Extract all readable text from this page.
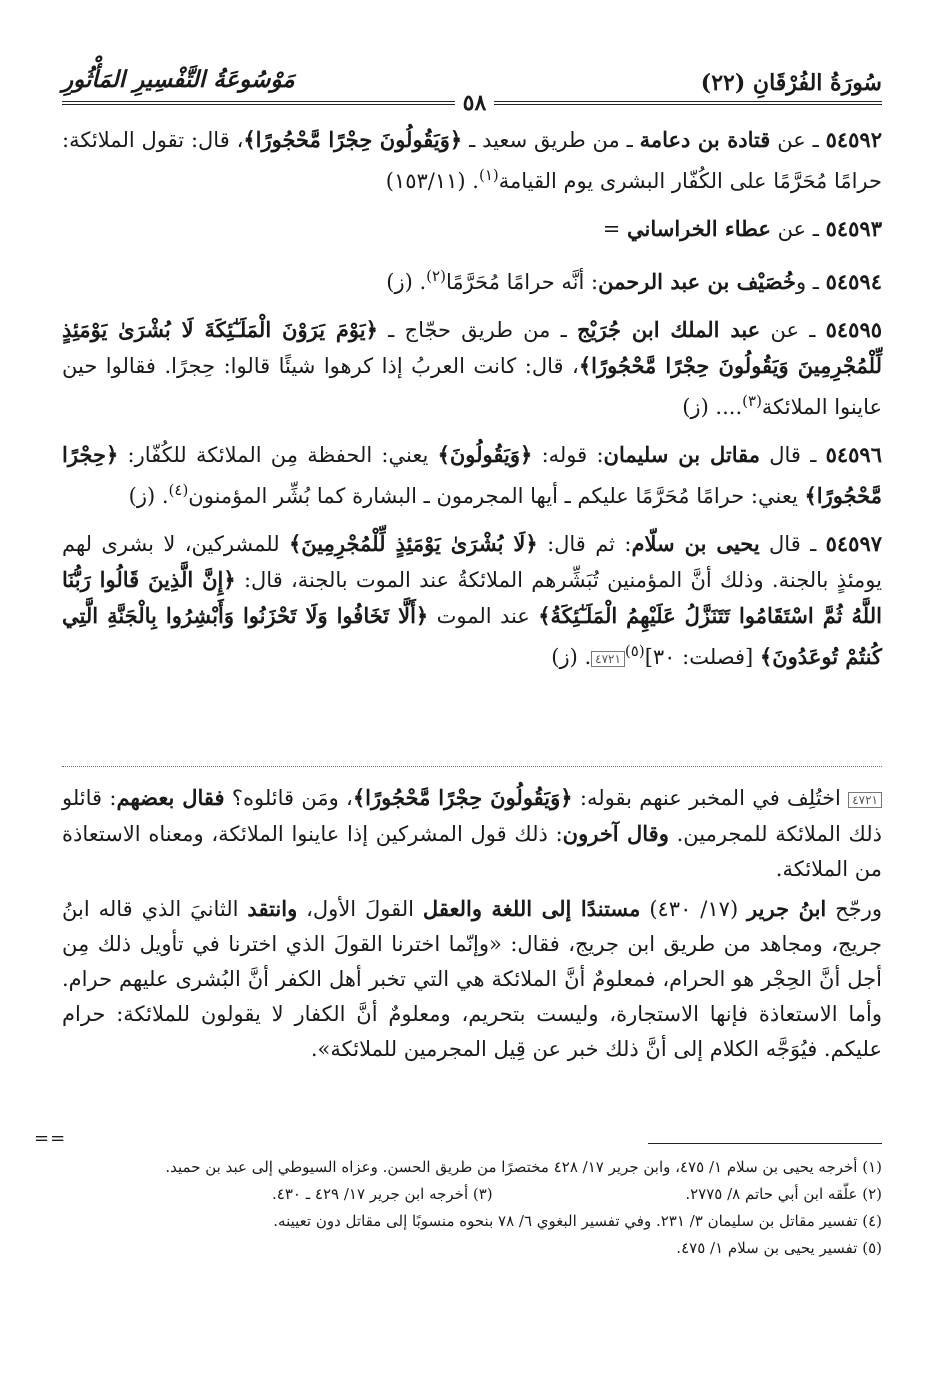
سُورَةُ الفُرْقَانِ (٢٢)
مَوْسُوعَةُ التَّفْسِيرِ المَأْثُورِ
٥٨

٥٤٥٩٢ ـ عن قتادة بن دعامة ـ من طريق سعيد ـ ﴿وَيَقُولُونَ حِجْرًا مَّحْجُورًا﴾، قال: تقول الملائكة: حرامًا مُحَرَّمًا على الكُفّار البشرى يوم القيامة$^{(١)}$. (١٥٣/١١)

٥٤٥٩٣ ـ عن عطاء الخراساني =

٥٤٥٩٤ ـ وخُصَيْف بن عبد الرحمن: أنَّه حرامًا مُحَرَّمًا$^{(٢)}$. (ز)

٥٤٥٩٥ ـ عن عبد الملك ابن جُرَيْج ـ من طريق حجّاج ـ ﴿يَوْمَ يَرَوْنَ الْمَلَـٰٓئِكَةَ لَا بُشْرَىٰ يَوْمَئِذٍ لِّلْمُجْرِمِينَ وَيَقُولُونَ حِجْرًا مَّحْجُورًا﴾، قال: كانت العربُ إذا كرهوا شيئًا قالوا: حِجرًا. فقالوا حين عاينوا الملائكة$^{(٣)}$.... (ز)

٥٤٥٩٦ ـ قال مقاتل بن سليمان: قوله: ﴿وَيَقُولُونَ﴾ يعني: الحفظة مِن الملائكة للكُفّار: ﴿حِجْرًا مَّحْجُورًا﴾ يعني: حرامًا مُحَرَّمًا عليكم ـ أيها المجرمون ـ البشارة كما بُشِّر المؤمنون$^{(٤)}$. (ز)

٥٤٥٩٧ ـ قال يحيى بن سلّام: ثم قال: ﴿لَا بُشْرَىٰ يَوْمَئِذٍ لِّلْمُجْرِمِينَ﴾ للمشركين، لا بشرى لهم يومئذٍ بالجنة. وذلك أنَّ المؤمنين تُبَشِّرهم الملائكةُ عند الموت بالجنة، قال: ﴿إِنَّ الَّذِينَ قَالُوا رَبُّنَا اللَّهُ ثُمَّ اسْتَقَامُوا تَتَنَزَّلُ عَلَيْهِمُ الْمَلَـٰٓئِكَةُ﴾ عند الموت ﴿أَلَّا تَخَافُوا وَلَا تَحْزَنُوا وَأَبْشِرُوا بِالْجَنَّةِ الَّتِي كُنتُمْ تُوعَدُونَ﴾ [فصلت: ٣٠]$^{(٥)}$٤٧٢١. (ز)

٤٧٢١ اختُلِف في المخبر عنهم بقوله: ﴿وَيَقُولُونَ حِجْرًا مَّحْجُورًا﴾، ومَن قائلوه؟ فقال بعضهم: قائلو ذلك الملائكة للمجرمين. وقال آخرون: ذلك قول المشركين إذا عاينوا الملائكة، ومعناه الاستعاذة من الملائكة.

ورجّح ابنُ جرير (١٧/ ٤٣٠) مستندًا إلى اللغة والعقل القولَ الأول، وانتقد الثانيَ الذي قاله ابنُ جريج، ومجاهد من طريق ابن جريج، فقال: «وإنّما اخترنا القولَ الذي اخترنا في تأويل ذلك مِن أجل أنَّ الحِجْر هو الحرام، فمعلومٌ أنَّ الملائكة هي التي تخبر أهل الكفر أنَّ البُشرى عليهم حرام. وأما الاستعاذة فإنها الاستجارة، وليست بتحريم، ومعلومٌ أنَّ الكفار لا يقولون للملائكة: حرام عليكم. فيُوَجَّه الكلام إلى أنَّ ذلك خبر عن قِيل المجرمين للملائكة».

==

(١) أخرجه يحيى بن سلام ١/ ٤٧٥، وابن جرير ١٧/ ٤٢٨ مختصرًا من طريق الحسن. وعزاه السيوطي إلى عبد بن حميد.

(٢) علّقه ابن أبي حاتم ٨/ ٢٧٧٥.

(٣) أخرجه ابن جرير ١٧/ ٤٢٩ ـ ٤٣٠.

(٤) تفسير مقاتل بن سليمان ٣/ ٢٣١. وفي تفسير البغوي ٦/ ٧٨ بنحوه منسوبًا إلى مقاتل دون تعيينه.

(٥) تفسير يحيى بن سلام ١/ ٤٧٥.
